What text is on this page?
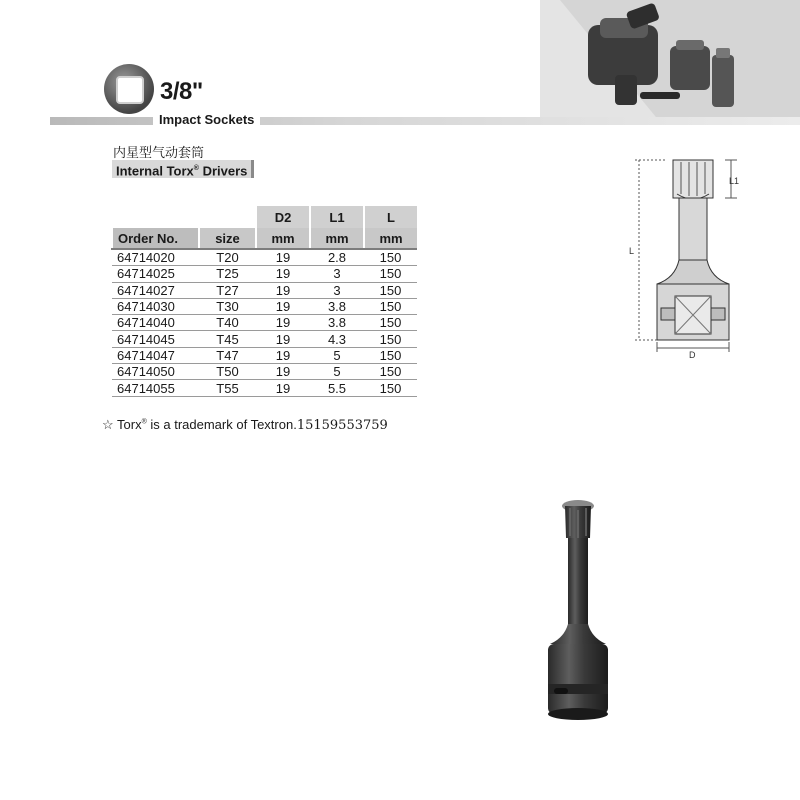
3/8"
Impact Sockets
内星型气动套筒
Internal Torx® Drivers
		D2	L1	L
Order No.	size	mm	mm	mm
64714020	T20	19	2.8	150
64714025	T25	19	3	150
64714027	T27	19	3	150
64714030	T30	19	3.8	150
64714040	T40	19	3.8	150
64714045	T45	19	4.3	150
64714047	T47	19	5	150
64714050	T50	19	5	150
64714055	T55	19	5.5	150
☆ Torx® is a trademark of Textron.15159553759
L
L1
D
